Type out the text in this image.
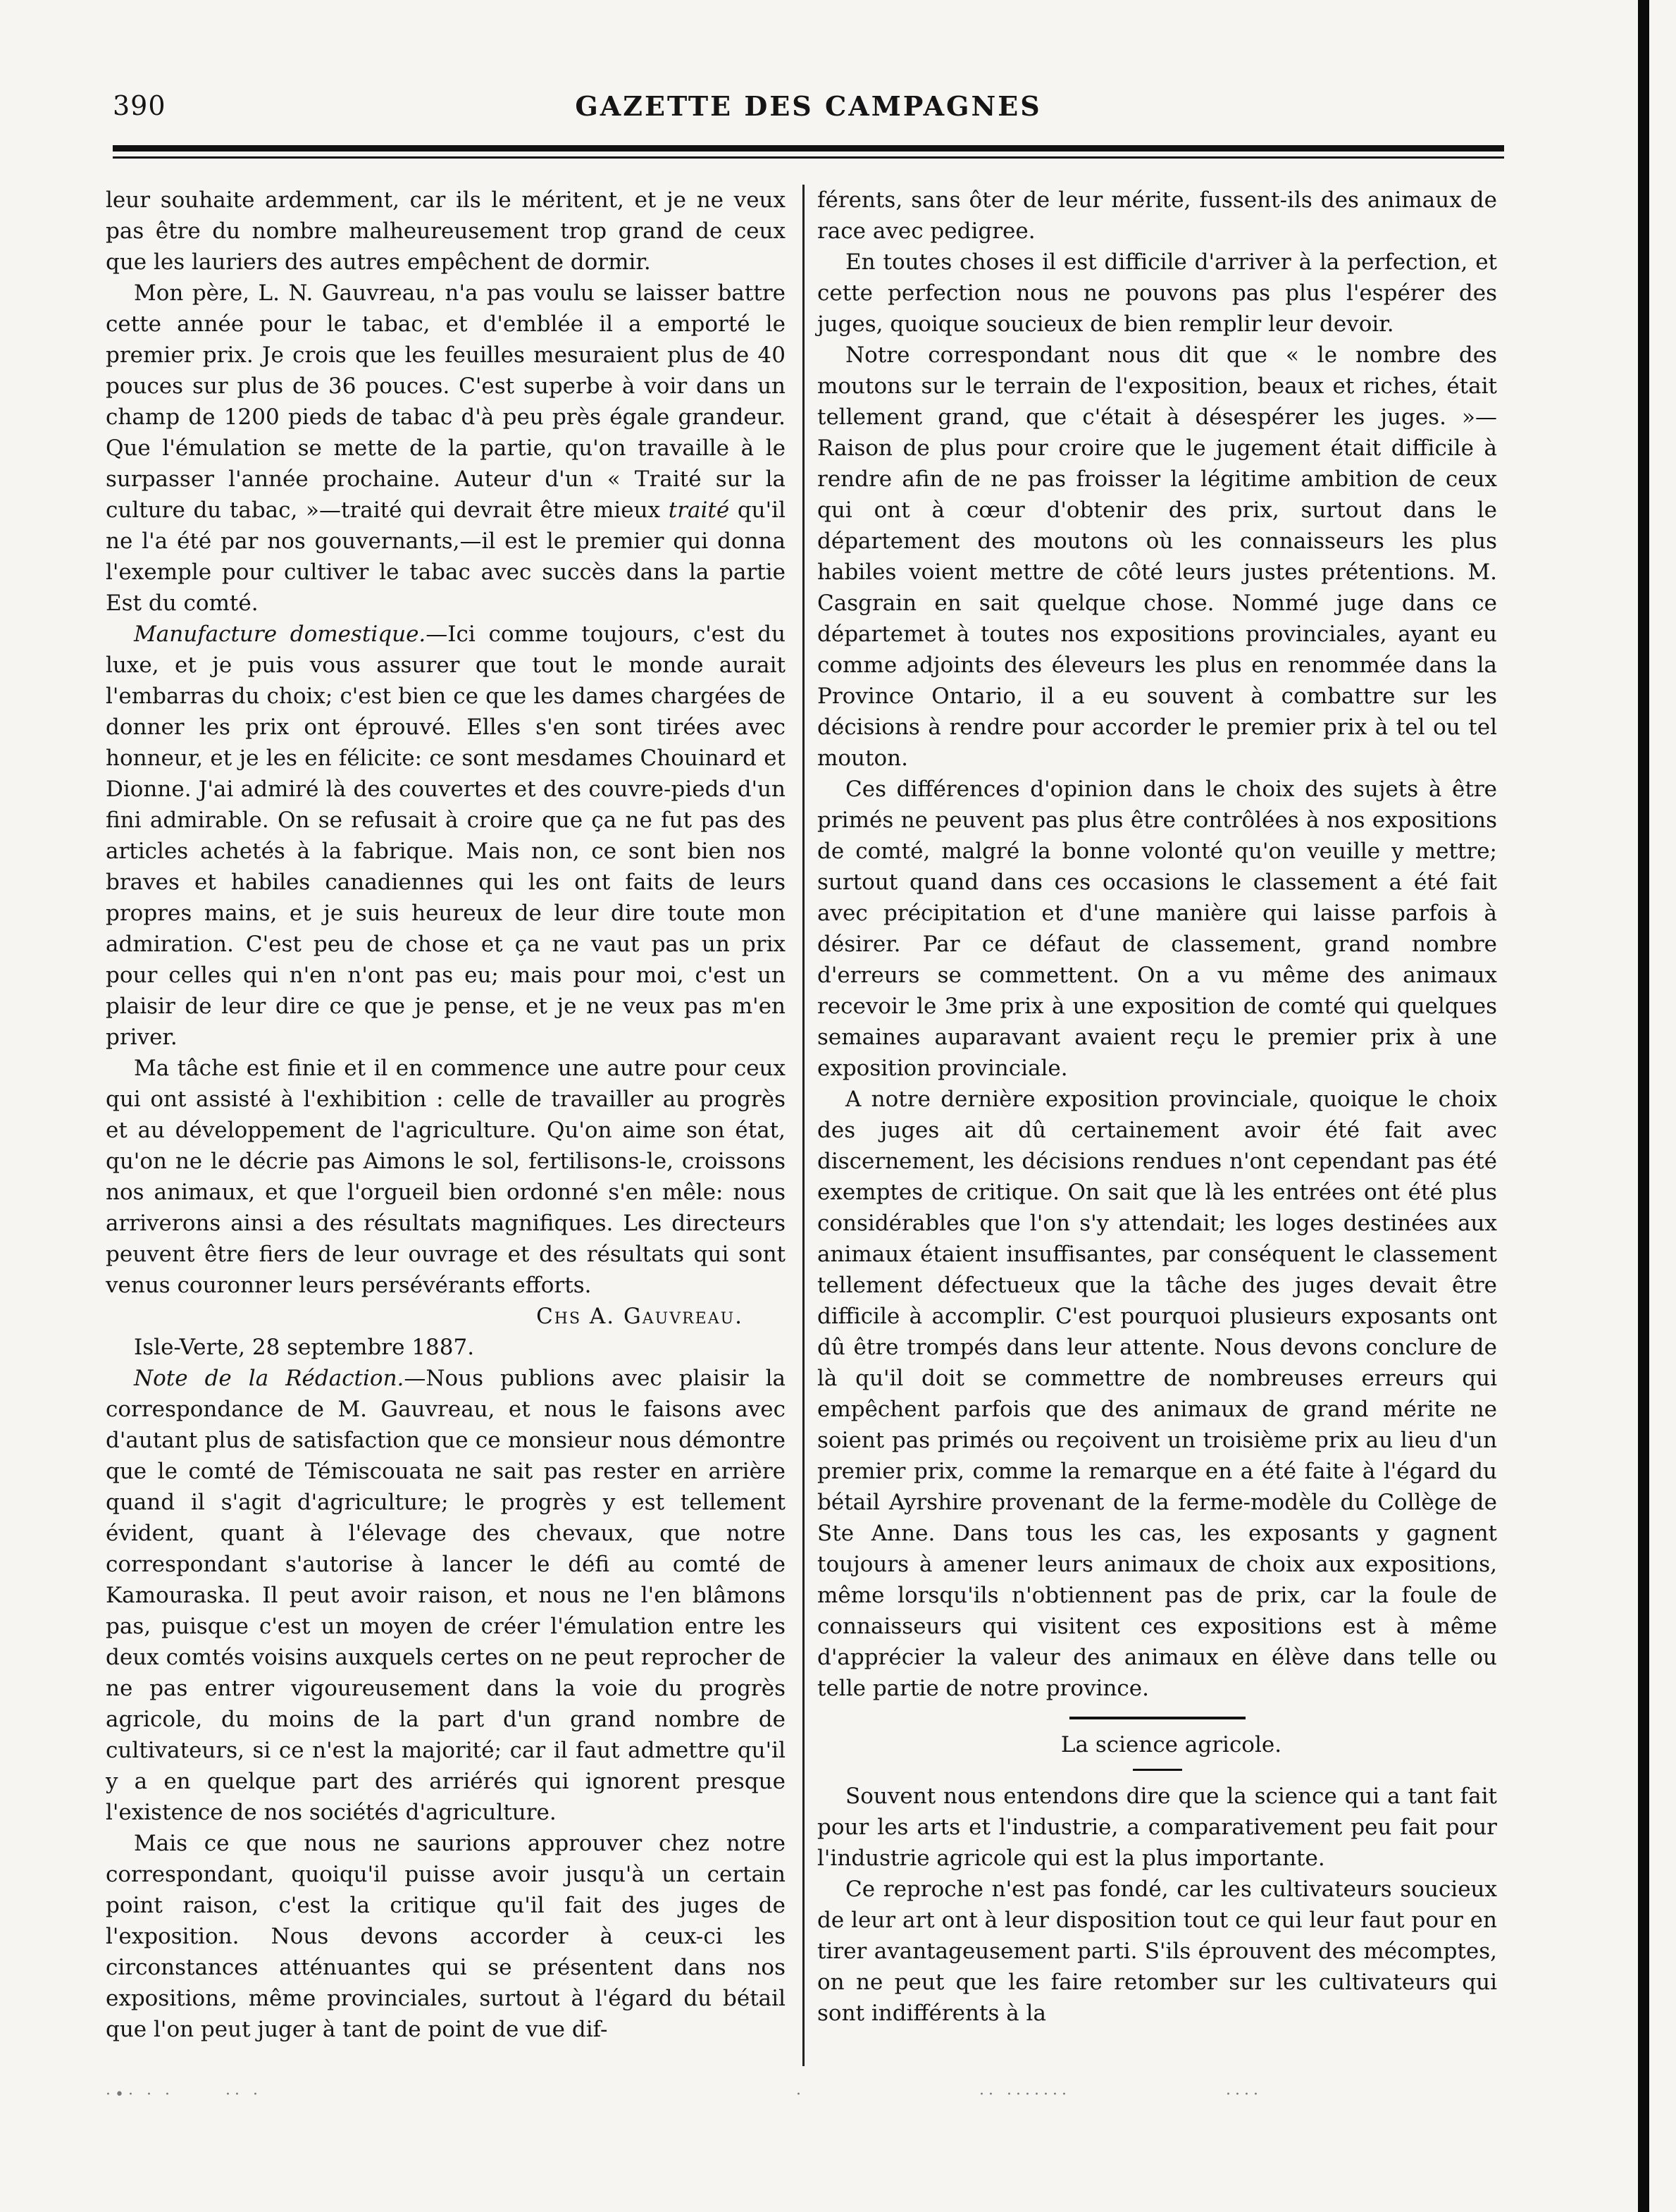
390	GAZETTE DES CAMPAGNES

leur souhaite ardemment, car ils le méritent, et je ne veux pas être du nombre malheureusement trop grand de ceux que les lauriers des autres empêchent de dormir.

Mon père, L. N. Gauvreau, n'a pas voulu se laisser battre cette année pour le tabac, et d'emblée il a emporté le premier prix. Je crois que les feuilles mesuraient plus de 40 pouces sur plus de 36 pouces. C'est superbe à voir dans un champ de 1200 pieds de tabac d'à peu près égale grandeur. Que l'émulation se mette de la partie, qu'on travaille à le surpasser l'année prochaine. Auteur d'un « Traité sur la culture du tabac, »—traité qui devrait être mieux traité qu'il ne l'a été par nos gouvernants,—il est le premier qui donna l'exemple pour cultiver le tabac avec succès dans la partie Est du comté.

Manufacture domestique.—Ici comme toujours, c'est du luxe, et je puis vous assurer que tout le monde aurait l'embarras du choix; c'est bien ce que les dames chargées de donner les prix ont éprouvé. Elles s'en sont tirées avec honneur, et je les en félicite: ce sont mesdames Chouinard et Dionne. J'ai admiré là des couvertes et des couvre-pieds d'un fini admirable. On se refusait à croire que ça ne fut pas des articles achetés à la fabrique. Mais non, ce sont bien nos braves et habiles canadiennes qui les ont faits de leurs propres mains, et je suis heureux de leur dire toute mon admiration. C'est peu de chose et ça ne vaut pas un prix pour celles qui n'en n'ont pas eu; mais pour moi, c'est un plaisir de leur dire ce que je pense, et je ne veux pas m'en priver.

Ma tâche est finie et il en commence une autre pour ceux qui ont assisté à l'exhibition : celle de travailler au progrès et au développement de l'agriculture. Qu'on aime son état, qu'on ne le décrie pas Aimons le sol, fertilisons-le, croissons nos animaux, et que l'orgueil bien ordonné s'en mêle: nous arriverons ainsi a des résultats magnifiques. Les directeurs peuvent être fiers de leur ouvrage et des résultats qui sont venus couronner leurs persévérants efforts.

Chs A. Gauvreau.

Isle-Verte, 28 septembre 1887.

Note de la Rédaction.—Nous publions avec plaisir la correspondance de M. Gauvreau, et nous le faisons avec d'autant plus de satisfaction que ce monsieur nous démontre que le comté de Témiscouata ne sait pas rester en arrière quand il s'agit d'agriculture; le progrès y est tellement évident, quant à l'élevage des chevaux, que notre correspondant s'autorise à lancer le défi au comté de Kamouraska. Il peut avoir raison, et nous ne l'en blâmons pas, puisque c'est un moyen de créer l'émulation entre les deux comtés voisins auxquels certes on ne peut reprocher de ne pas entrer vigoureusement dans la voie du progrès agricole, du moins de la part d'un grand nombre de cultivateurs, si ce n'est la majorité; car il faut admettre qu'il y a en quelque part des arriérés qui ignorent presque l'existence de nos sociétés d'agriculture.

Mais ce que nous ne saurions approuver chez notre correspondant, quoiqu'il puisse avoir jusqu'à un certain point raison, c'est la critique qu'il fait des juges de l'exposition. Nous devons accorder à ceux-ci les circonstances atténuantes qui se présentent dans nos expositions, même provinciales, surtout à l'égard du bétail que l'on peut juger à tant de point de vue dif-

férents, sans ôter de leur mérite, fussent-ils des animaux de race avec pedigree.

En toutes choses il est difficile d'arriver à la perfection, et cette perfection nous ne pouvons pas plus l'espérer des juges, quoique soucieux de bien remplir leur devoir.

Notre correspondant nous dit que « le nombre des moutons sur le terrain de l'exposition, beaux et riches, était tellement grand, que c'était à désespérer les juges. »—Raison de plus pour croire que le jugement était difficile à rendre afin de ne pas froisser la légitime ambition de ceux qui ont à cœur d'obtenir des prix, surtout dans le département des moutons où les connaisseurs les plus habiles voient mettre de côté leurs justes prétentions. M. Casgrain en sait quelque chose. Nommé juge dans ce départemet à toutes nos expositions provinciales, ayant eu comme adjoints des éleveurs les plus en renommée dans la Province Ontario, il a eu souvent à combattre sur les décisions à rendre pour accorder le premier prix à tel ou tel mouton.

Ces différences d'opinion dans le choix des sujets à être primés ne peuvent pas plus être contrôlées à nos expositions de comté, malgré la bonne volonté qu'on veuille y mettre; surtout quand dans ces occasions le classement a été fait avec précipitation et d'une manière qui laisse parfois à désirer. Par ce défaut de classement, grand nombre d'erreurs se commettent. On a vu même des animaux recevoir le 3me prix à une exposition de comté qui quelques semaines auparavant avaient reçu le premier prix à une exposition provinciale.

A notre dernière exposition provinciale, quoique le choix des juges ait dû certainement avoir été fait avec discernement, les décisions rendues n'ont cependant pas été exemptes de critique. On sait que là les entrées ont été plus considérables que l'on s'y attendait; les loges destinées aux animaux étaient insuffisantes, par conséquent le classement tellement défectueux que la tâche des juges devait être difficile à accomplir. C'est pourquoi plusieurs exposants ont dû être trompés dans leur attente. Nous devons conclure de là qu'il doit se commettre de nombreuses erreurs qui empêchent parfois que des animaux de grand mérite ne soient pas primés ou reçoivent un troisième prix au lieu d'un premier prix, comme la remarque en a été faite à l'égard du bétail Ayrshire provenant de la ferme-modèle du Collège de Ste Anne. Dans tous les cas, les exposants y gagnent toujours à amener leurs animaux de choix aux expositions, même lorsqu'ils n'obtiennent pas de prix, car la foule de connaisseurs qui visitent ces expositions est à même d'apprécier la valeur des animaux en élève dans telle ou telle partie de notre province.

La science agricole.

Souvent nous entendons dire que la science qui a tant fait pour les arts et l'industrie, a comparativement peu fait pour l'industrie agricole qui est la plus importante.

Ce reproche n'est pas fondé, car les cultivateurs soucieux de leur art ont à leur disposition tout ce qui leur faut pour en tirer avantageusement parti. S'ils éprouvent des mécomptes, on ne peut que les faire retomber sur les cultivateurs qui sont indifférents à la

·•· · ·	·· ·	·	·· ·······	····
